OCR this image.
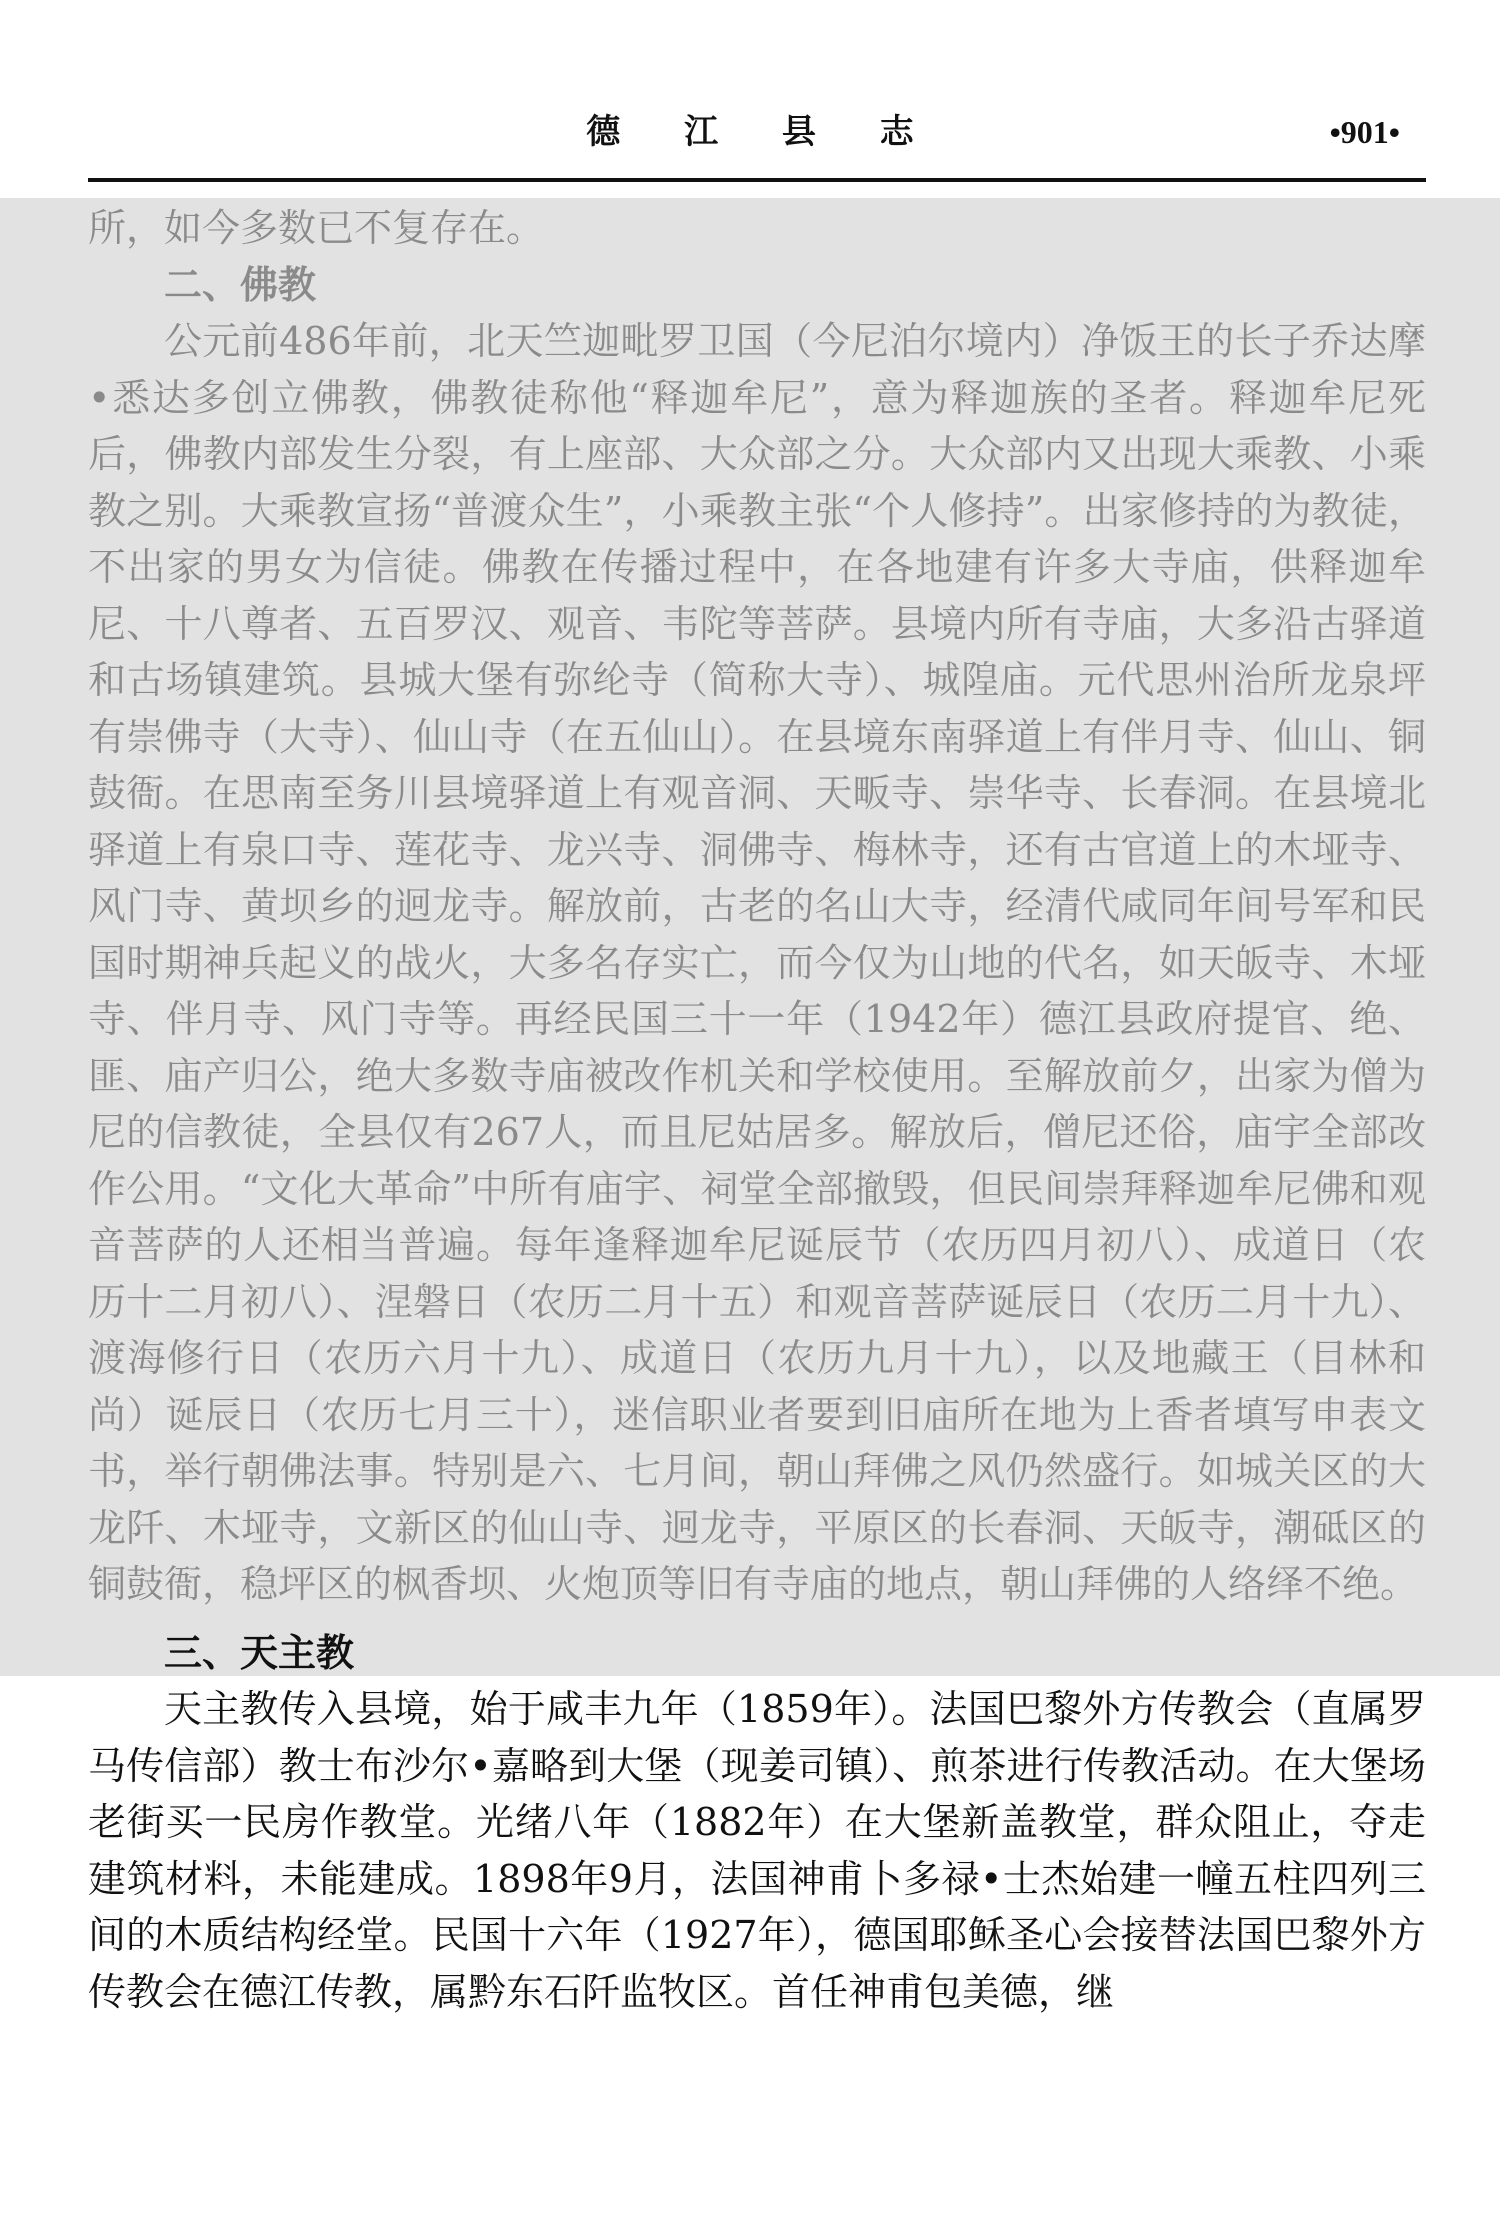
德 江 县 志	•901•

所，如今多数已不复存在。

二、佛教

公元前486年前，北天竺迦毗罗卫国（今尼泊尔境内）净饭王的长子乔达摩•悉达多创立佛教，佛教徒称他“释迦牟尼”，意为释迦族的圣者。释迦牟尼死后，佛教内部发生分裂，有上座部、大众部之分。大众部内又出现大乘教、小乘教之别。大乘教宣扬“普渡众生”，小乘教主张“个人修持”。出家修持的为教徒，不出家的男女为信徒。佛教在传播过程中，在各地建有许多大寺庙，供释迦牟尼、十八尊者、五百罗汉、观音、韦陀等菩萨。县境内所有寺庙，大多沿古驿道和古场镇建筑。县城大堡有弥纶寺（简称大寺）、城隍庙。元代思州治所龙泉坪有崇佛寺（大寺）、仙山寺（在五仙山）。在县境东南驿道上有伴月寺、仙山、铜鼓衙。在思南至务川县境驿道上有观音洞、天畈寺、崇华寺、长春洞。在县境北驿道上有泉口寺、莲花寺、龙兴寺、洞佛寺、梅林寺，还有古官道上的木垭寺、风门寺、黄坝乡的迥龙寺。解放前，古老的名山大寺，经清代咸同年间号军和民国时期神兵起义的战火，大多名存实亡，而今仅为山地的代名，如天皈寺、木垭寺、伴月寺、风门寺等。再经民国三十一年（1942年）德江县政府提官、绝、匪、庙产归公，绝大多数寺庙被改作机关和学校使用。至解放前夕，出家为僧为尼的信教徒，全县仅有267人，而且尼姑居多。解放后，僧尼还俗，庙宇全部改作公用。“文化大革命”中所有庙宇、祠堂全部撤毁，但民间崇拜释迦牟尼佛和观音菩萨的人还相当普遍。每年逢释迦牟尼诞辰节（农历四月初八）、成道日（农历十二月初八）、涅磐日（农历二月十五）和观音菩萨诞辰日（农历二月十九）、渡海修行日（农历六月十九）、成道日（农历九月十九），以及地藏王（目林和尚）诞辰日（农历七月三十），迷信职业者要到旧庙所在地为上香者填写申表文书，举行朝佛法事。特别是六、七月间，朝山拜佛之风仍然盛行。如城关区的大龙阡、木垭寺，文新区的仙山寺、迥龙寺，平原区的长春洞、天皈寺，潮砥区的铜鼓衙，稳坪区的枫香坝、火炮顶等旧有寺庙的地点，朝山拜佛的人络绎不绝。

三、天主教

天主教传入县境，始于咸丰九年（1859年）。法国巴黎外方传教会（直属罗马传信部）教士布沙尔•嘉略到大堡（现姜司镇）、煎茶进行传教活动。在大堡场老街买一民房作教堂。光绪八年（1882年）在大堡新盖教堂，群众阻止，夺走建筑材料，未能建成。1898年9月，法国神甫卜多禄•士杰始建一幢五柱四列三间的木质结构经堂。民国十六年（1927年），德国耶稣圣心会接替法国巴黎外方传教会在德江传教，属黔东石阡监牧区。首任神甫包美德，继
